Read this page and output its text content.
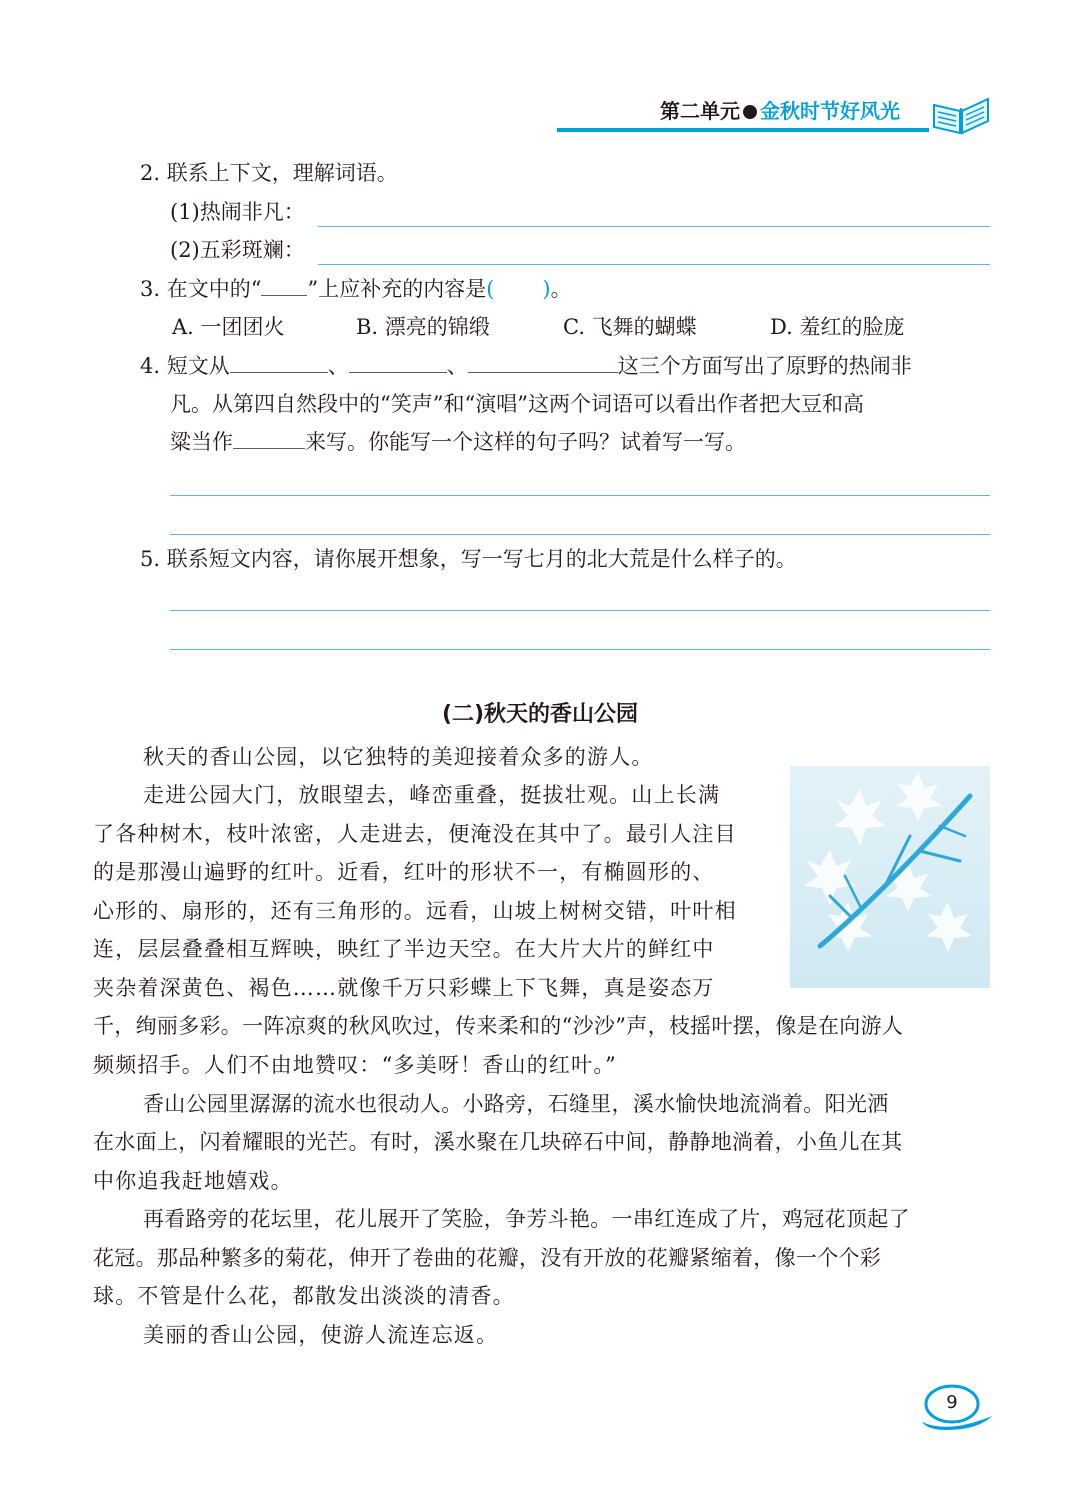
第二单元 金秋时节好风光
2. 联系上下文，理解词语。
(1)热闹非凡：
(2)五彩斑斓：
3. 在文中的“ ”上应补充的内容是( )。
A. 一团团火	B. 漂亮的锦缎	C. 飞舞的蝴蝶	D. 羞红的脸庞
4. 短文从	、	、	这三个方面写出了原野的热闹非
凡。从第四自然段中的“笑声”和“演唱”这两个词语可以看出作者把大豆和高
粱当作	来写。你能写一个这样的句子吗？试着写一写。
5. 联系短文内容，请你展开想象，写一写七月的北大荒是什么样子的。
(二)秋天的香山公园
秋天的香山公园，以它独特的美迎接着众多的游人。
走进公园大门，放眼望去，峰峦重叠，挺拔壮观。山上长满
了各种树木，枝叶浓密，人走进去，便淹没在其中了。最引人注目
的是那漫山遍野的红叶。近看，红叶的形状不一，有椭圆形的、
心形的、扇形的，还有三角形的。远看，山坡上树树交错，叶叶相
连，层层叠叠相互辉映，映红了半边天空。在大片大片的鲜红中
夹杂着深黄色、褐色……就像千万只彩蝶上下飞舞，真是姿态万
千，绚丽多彩。一阵凉爽的秋风吹过，传来柔和的“沙沙”声，枝摇叶摆，像是在向游人
频频招手。人们不由地赞叹：“多美呀！香山的红叶。”
香山公园里潺潺的流水也很动人。小路旁，石缝里，溪水愉快地流淌着。阳光洒
在水面上，闪着耀眼的光芒。有时，溪水聚在几块碎石中间，静静地淌着，小鱼儿在其
中你追我赶地嬉戏。
再看路旁的花坛里，花儿展开了笑脸，争芳斗艳。一串红连成了片，鸡冠花顶起了
花冠。那品种繁多的菊花，伸开了卷曲的花瓣，没有开放的花瓣紧缩着，像一个个彩
球。不管是什么花，都散发出淡淡的清香。
美丽的香山公园，使游人流连忘返。
9
